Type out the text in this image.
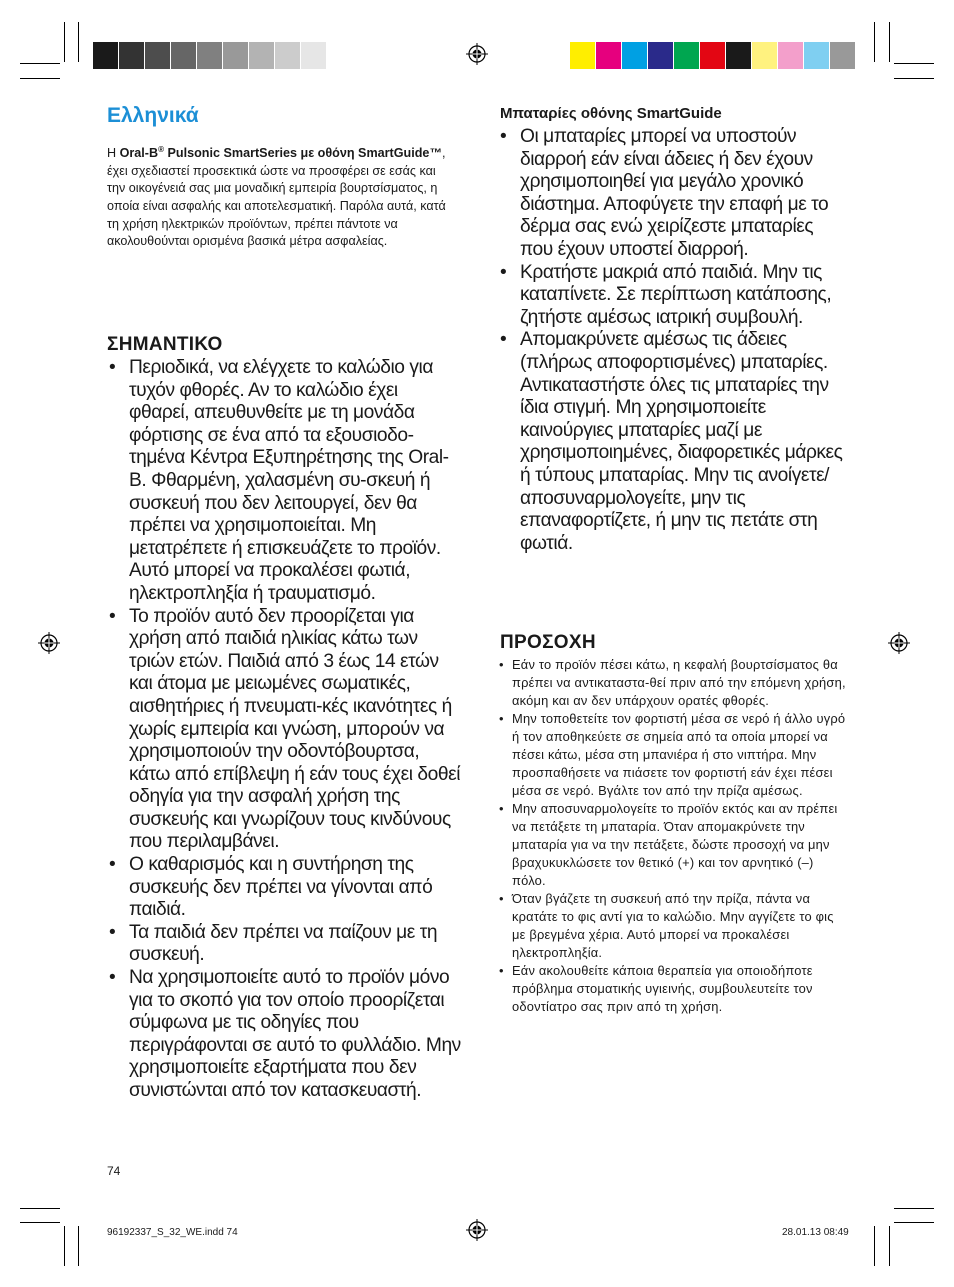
Ελληνικά

Η Oral-B® Pulsonic SmartSeries με οθόνη SmartGuide™, έχει σχεδιαστεί προσεκτικά ώστε να προσφέρει σε εσάς και την οικογένειά σας μια μοναδική εμπειρία βουρτσίσματος, η οποία είναι ασφαλής και αποτελεσματική. Παρόλα αυτά, κατά τη χρήση ηλεκτρικών προϊόντων, πρέπει πάντοτε να ακολουθούνται ορισμένα βασικά μέτρα ασφαλείας.

ΣΗΜΑΝΤΙΚΟ
• Περιοδικά, να ελέγχετε το καλώδιο για τυχόν φθορές. Αν το καλώδιο έχει φθαρεί, απευθυνθείτε με τη μονάδα φόρτισης σε ένα από τα εξουσιοδο-τημένα Κέντρα Εξυπηρέτησης της Oral-B. Φθαρμένη, χαλασμένη συ-σκευή ή συσκευή που δεν λειτουργεί, δεν θα πρέπει να χρησιμοποιείται. Μη μετατρέπετε ή επισκευάζετε το προϊόν. Αυτό μπορεί να προκαλέσει φωτιά, ηλεκτροπληξία ή τραυματισμό.
• Το προϊόν αυτό δεν προορίζεται για χρήση από παιδιά ηλικίας κάτω των τριών ετών. Παιδιά από 3 έως 14 ετών και άτομα με μειωμένες σωματικές, αισθητήριες ή πνευματι-κές ικανότητες ή χωρίς εμπειρία και γνώση, μπορούν να χρησιμοποιούν την οδοντόβουρτσα, κάτω από επίβλεψη ή εάν τους έχει δοθεί οδηγία για την ασφαλή χρήση της συσκευής και γνωρίζουν τους κινδύνους που περιλαμβάνει.
• Ο καθαρισμός και η συντήρηση της συσκευής δεν πρέπει να γίνονται από παιδιά.
• Τα παιδιά δεν πρέπει να παίζουν με τη συσκευή.
• Να χρησιμοποιείτε αυτό το προϊόν μόνο για το σκοπό για τον οποίο προορίζεται σύμφωνα με τις οδηγίες που περιγράφονται σε αυτό το φυλλάδιο. Μην χρησιμοποιείτε εξαρτήματα που δεν συνιστώνται από τον κατασκευαστή.
Μπαταρίες οθόνης SmartGuide
• Οι μπαταρίες μπορεί να υποστούν διαρροή εάν είναι άδειες ή δεν έχουν χρησιμοποιηθεί για μεγάλο χρονικό διάστημα. Αποφύγετε την επαφή με το δέρμα σας ενώ χειρίζεστε μπαταρίες που έχουν υποστεί διαρροή.
• Κρατήστε μακριά από παιδιά. Μην τις καταπίνετε. Σε περίπτωση κατάποσης, ζητήστε αμέσως ιατρική συμβουλή.
• Απομακρύνετε αμέσως τις άδειες (πλήρως αποφορτισμένες) μπαταρίες. Αντικαταστήστε όλες τις μπαταρίες την ίδια στιγμή. Μη χρησιμοποιείτε καινούργιες μπαταρίες μαζί με χρησιμοποιημένες, διαφορετικές μάρκες ή τύπους μπαταρίας. Μην τις ανοίγετε/αποσυναρμολογείτε, μην τις επαναφορτίζετε, ή μην τις πετάτε στη φωτιά.
ΠΡΟΣΟΧΗ
• Εάν το προϊόν πέσει κάτω, η κεφαλή βουρτσίσματος θα πρέπει να αντικαταστα-θεί πριν από την επόμενη χρήση, ακόμη και αν δεν υπάρχουν ορατές φθορές.
• Μην τοποθετείτε τον φορτιστή μέσα σε νερό ή άλλο υγρό ή τον αποθηκεύετε σε σημεία από τα οποία μπορεί να πέσει κάτω, μέσα στη μπανιέρα ή στο νιπτήρα. Μην προσπαθήσετε να πιάσετε τον φορτιστή εάν έχει πέσει μέσα σε νερό. Βγάλτε τον από την πρίζα αμέσως.
• Μην αποσυναρμολογείτε το προϊόν εκτός και αν πρέπει να πετάξετε τη μπαταρία. Όταν απομακρύνετε την μπαταρία για να την πετάξετε, δώστε προσοχή να μην βραχυκυκλώσετε τον θετικό (+) και τον αρνητικό (–) πόλο.
• Όταν βγάζετε τη συσκευή από την πρίζα, πάντα να κρατάτε το φις αντί για το καλώδιο. Μην αγγίζετε το φις με βρεγμένα χέρια. Αυτό μπορεί να προκαλέσει ηλεκτροπληξία.
• Εάν ακολουθείτε κάποια θεραπεία για οποιοδήποτε πρόβλημα στοματικής υγιεινής, συμβουλευτείτε τον οδοντίατρο σας πριν από τη χρήση.

74

96192337_S_32_WE.indd 74	28.01.13 08:49
